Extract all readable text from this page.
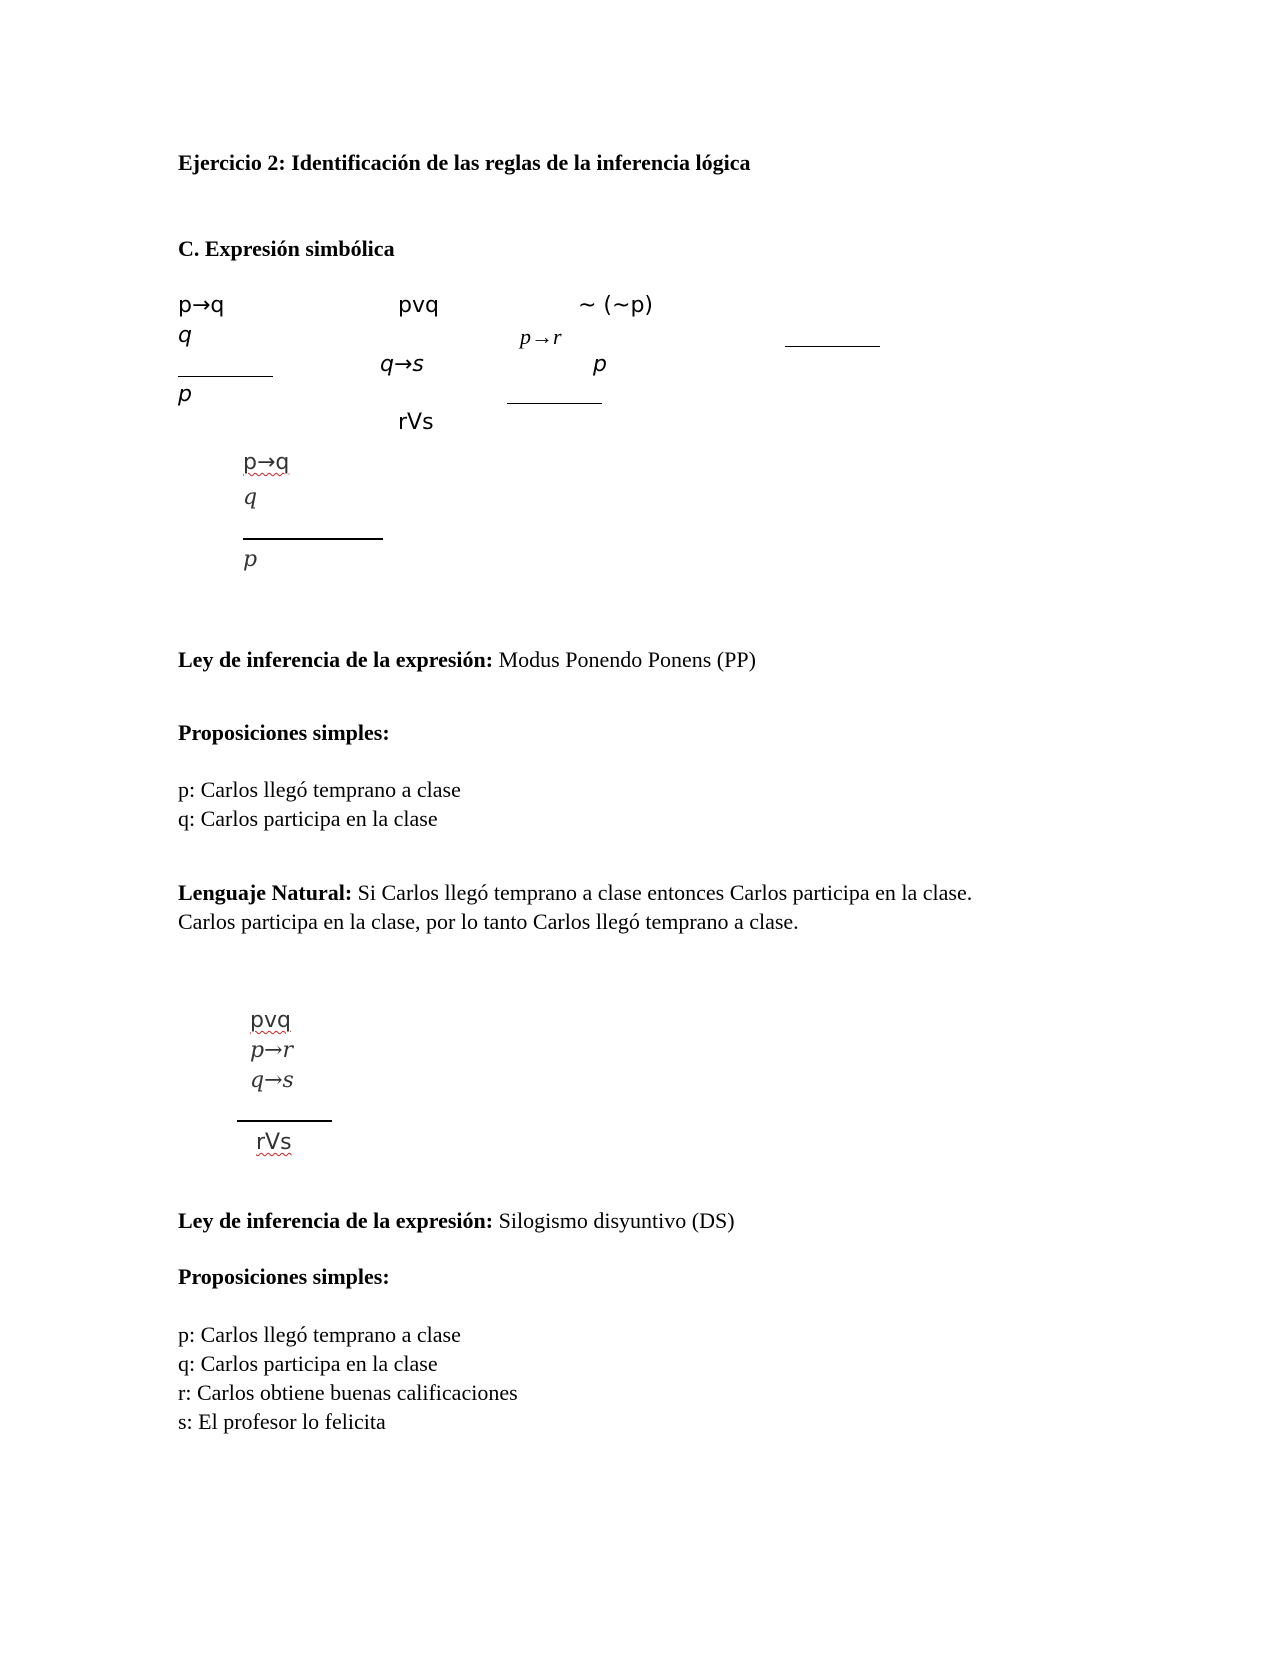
Ejercicio 2: Identificación de las reglas de la inferencia lógica
C. Expresión simbólica
p→q
q
p
pvq
q→s
rVs
~ (~p)
p→r
p
p→q
q
p
Ley de inferencia de la expresión: Modus Ponendo Ponens (PP)
Proposiciones simples:
p: Carlos llegó temprano a clase
q: Carlos participa en la clase
Lenguaje Natural: Si Carlos llegó temprano a clase entonces Carlos participa en la clase.
Carlos participa en la clase, por lo tanto Carlos llegó temprano a clase.
pvq
p→r
q→s
rVs
Ley de inferencia de la expresión: Silogismo disyuntivo (DS)
Proposiciones simples:
p: Carlos llegó temprano a clase
q: Carlos participa en la clase
r: Carlos obtiene buenas calificaciones
s: El profesor lo felicita
